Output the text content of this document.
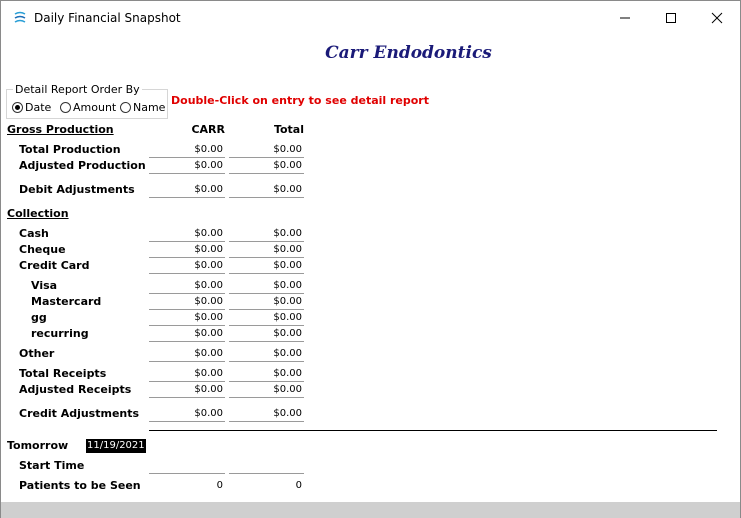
Daily Financial Snapshot
Carr Endodontics
Detail Report Order By
Date Amount Name
Double-Click on entry to see detail report
Gross Production	CARR	Total
Total Production	$0.00	$0.00
Adjusted Production	$0.00	$0.00
Debit Adjustments	$0.00	$0.00
Collection
Cash	$0.00	$0.00
Cheque	$0.00	$0.00
Credit Card	$0.00	$0.00
Visa	$0.00	$0.00
Mastercard	$0.00	$0.00
gg	$0.00	$0.00
recurring	$0.00	$0.00
Other	$0.00	$0.00
Total Receipts	$0.00	$0.00
Adjusted Receipts	$0.00	$0.00
Credit Adjustments	$0.00	$0.00
Tomorrow 11/19/2021
Start Time
Patients to be Seen	0	0
